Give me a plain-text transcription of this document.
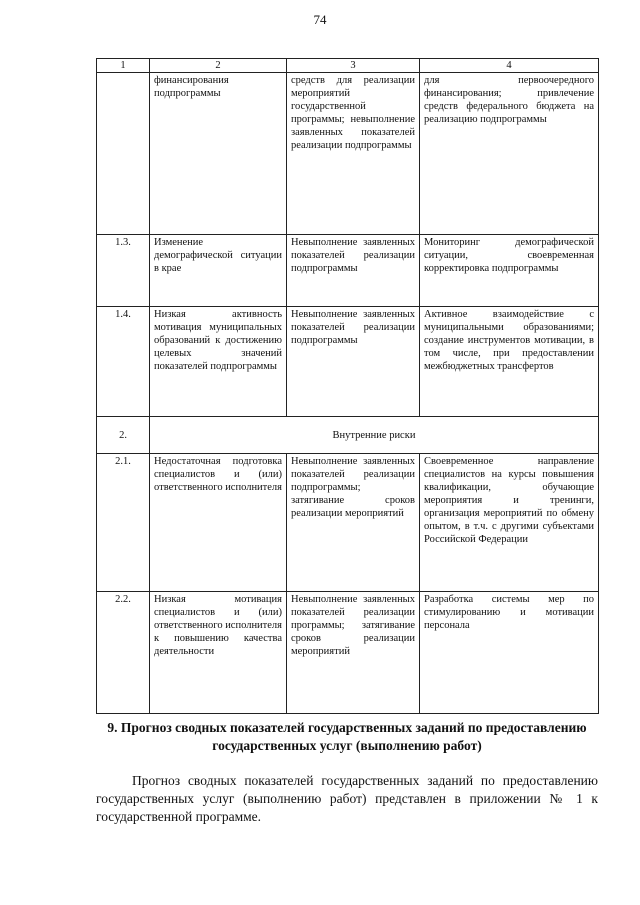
74
1	2	3	4
	финансирования подпрограммы	средств для реализации мероприятий государственной программы; невыполнение заявленных показателей реализации подпрограммы	для первоочередного финансирования; привлечение средств федерального бюджета на реализацию подпрограммы
1.3.	Изменение демографической ситуации в крае	Невыполнение заявленных показателей реализации подпрограммы	Мониторинг демографической ситуации, своевременная корректировка подпрограммы
1.4.	Низкая активность мотивация муниципальных образований к достижению целевых значений показателей подпрограммы	Невыполнение заявленных показателей реализации подпрограммы	Активное взаимодействие с муниципальными образованиями; создание инструментов мотивации, в том числе, при предоставлении межбюджетных трансфертов
2.	Внутренние риски		
2.1.	Недостаточная подготовка специалистов и (или) ответственного исполнителя	Невыполнение заявленных показателей реализации подпрограммы; затягивание сроков реализации мероприятий	Своевременное направление специалистов на курсы повышения квалификации, обучающие мероприятия и тренинги, организация мероприятий по обмену опытом, в т.ч. с другими субъектами Российской Федерации
2.2.	Низкая мотивация специалистов и (или) ответственного исполнителя к повышению качества деятельности	Невыполнение заявленных показателей реализации программы; затягивание сроков реализации мероприятий	Разработка системы мер по стимулированию и мотивации персонала
9. Прогноз сводных показателей государственных заданий по предоставлению государственных услуг (выполнению работ)
Прогноз сводных показателей государственных заданий по предоставлению государственных услуг (выполнению работ) представлен в приложении № 1 к государственной программе.
